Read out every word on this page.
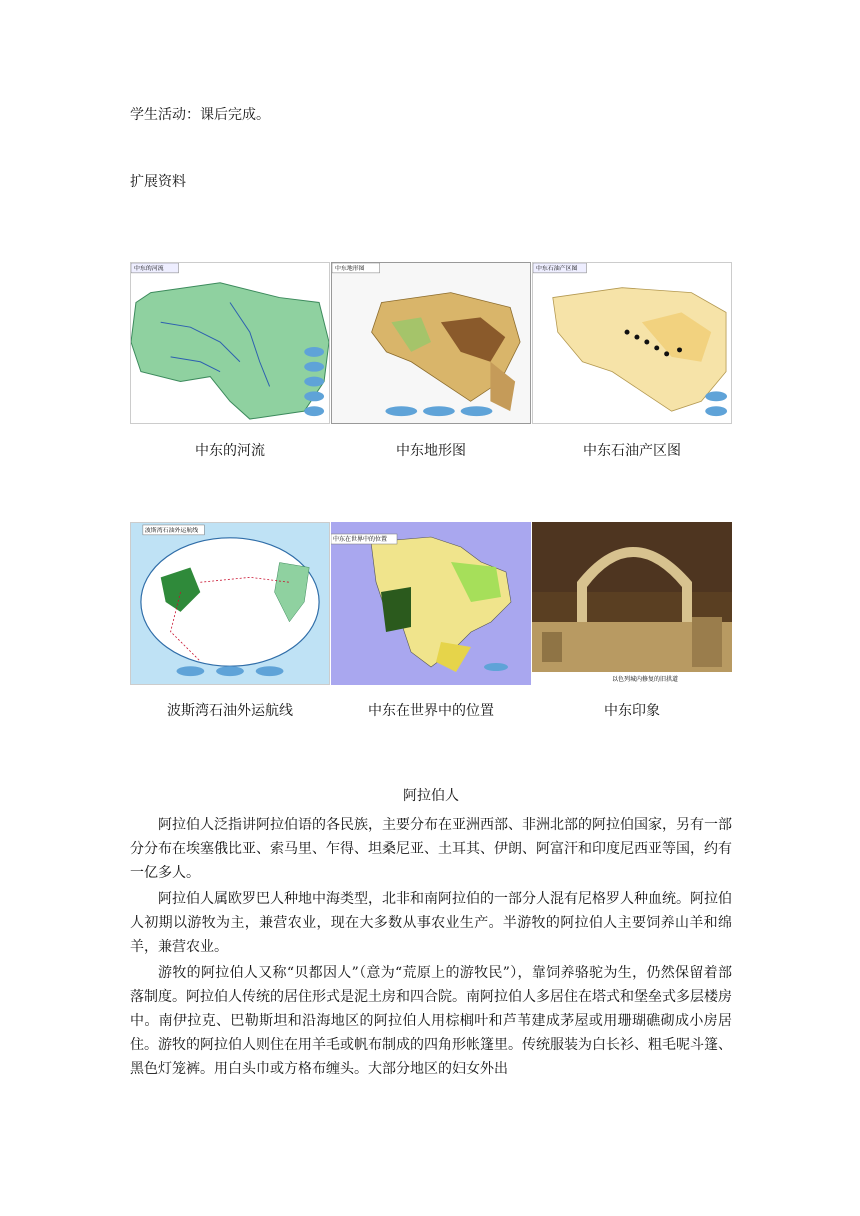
学生活动：课后完成。
扩展资料
中东的河流
中东的河流
中东地形图
中东地形图
中东石油产区图
中东石油产区图
波斯湾石油外运航线
波斯湾石油外运航线
中东在世界中的位置
中东在世界中的位置
以色列城内修复的旧拱道
中东印象
阿拉伯人

阿拉伯人泛指讲阿拉伯语的各民族，主要分布在亚洲西部、非洲北部的阿拉伯国家，另有一部分分布在埃塞俄比亚、索马里、乍得、坦桑尼亚、土耳其、伊朗、阿富汗和印度尼西亚等国，约有一亿多人。

阿拉伯人属欧罗巴人种地中海类型，北非和南阿拉伯的一部分人混有尼格罗人种血统。阿拉伯人初期以游牧为主，兼营农业，现在大多数从事农业生产。半游牧的阿拉伯人主要饲养山羊和绵羊，兼营农业。

游牧的阿拉伯人又称“贝都因人”（意为“荒原上的游牧民”），靠饲养骆驼为生，仍然保留着部落制度。阿拉伯人传统的居住形式是泥土房和四合院。南阿拉伯人多居住在塔式和堡垒式多层楼房中。南伊拉克、巴勒斯坦和沿海地区的阿拉伯人用棕榈叶和芦苇建成茅屋或用珊瑚礁砌成小房居住。游牧的阿拉伯人则住在用羊毛或帆布制成的四角形帐篷里。传统服装为白长衫、粗毛呢斗篷、黑色灯笼裤。用白头巾或方格布缠头。大部分地区的妇女外出
